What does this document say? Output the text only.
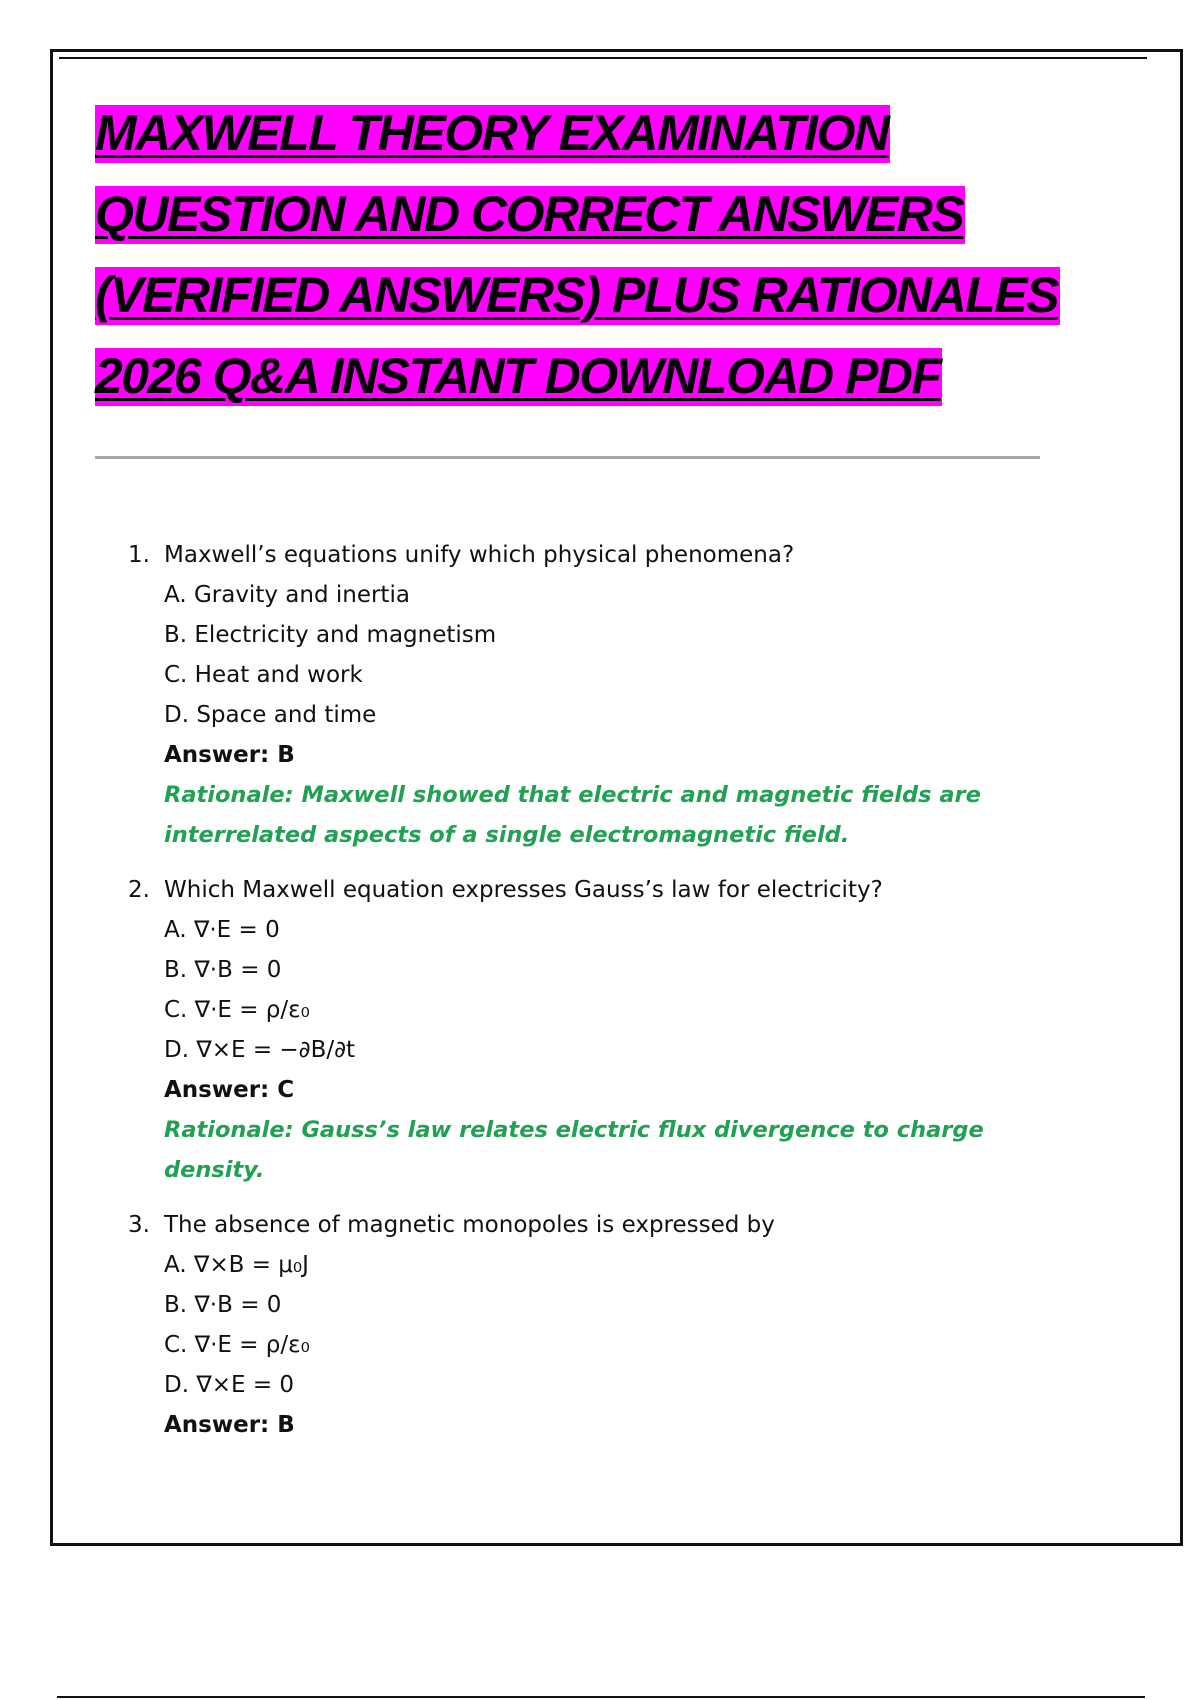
MAXWELL THEORY EXAMINATION
QUESTION AND CORRECT ANSWERS
(VERIFIED ANSWERS) PLUS RATIONALES
2026 Q&A INSTANT DOWNLOAD PDF
1. Maxwell’s equations unify which physical phenomena?
A. Gravity and inertia
B. Electricity and magnetism
C. Heat and work
D. Space and time
Answer: B
Rationale: Maxwell showed that electric and magnetic fields are interrelated aspects of a single electromagnetic field.
2. Which Maxwell equation expresses Gauss’s law for electricity?
A. ∇·E = 0
B. ∇·B = 0
C. ∇·E = ρ/ε₀
D. ∇×E = −∂B/∂t
Answer: C
Rationale: Gauss’s law relates electric flux divergence to charge density.
3. The absence of magnetic monopoles is expressed by
A. ∇×B = μ₀J
B. ∇·B = 0
C. ∇·E = ρ/ε₀
D. ∇×E = 0
Answer: B
